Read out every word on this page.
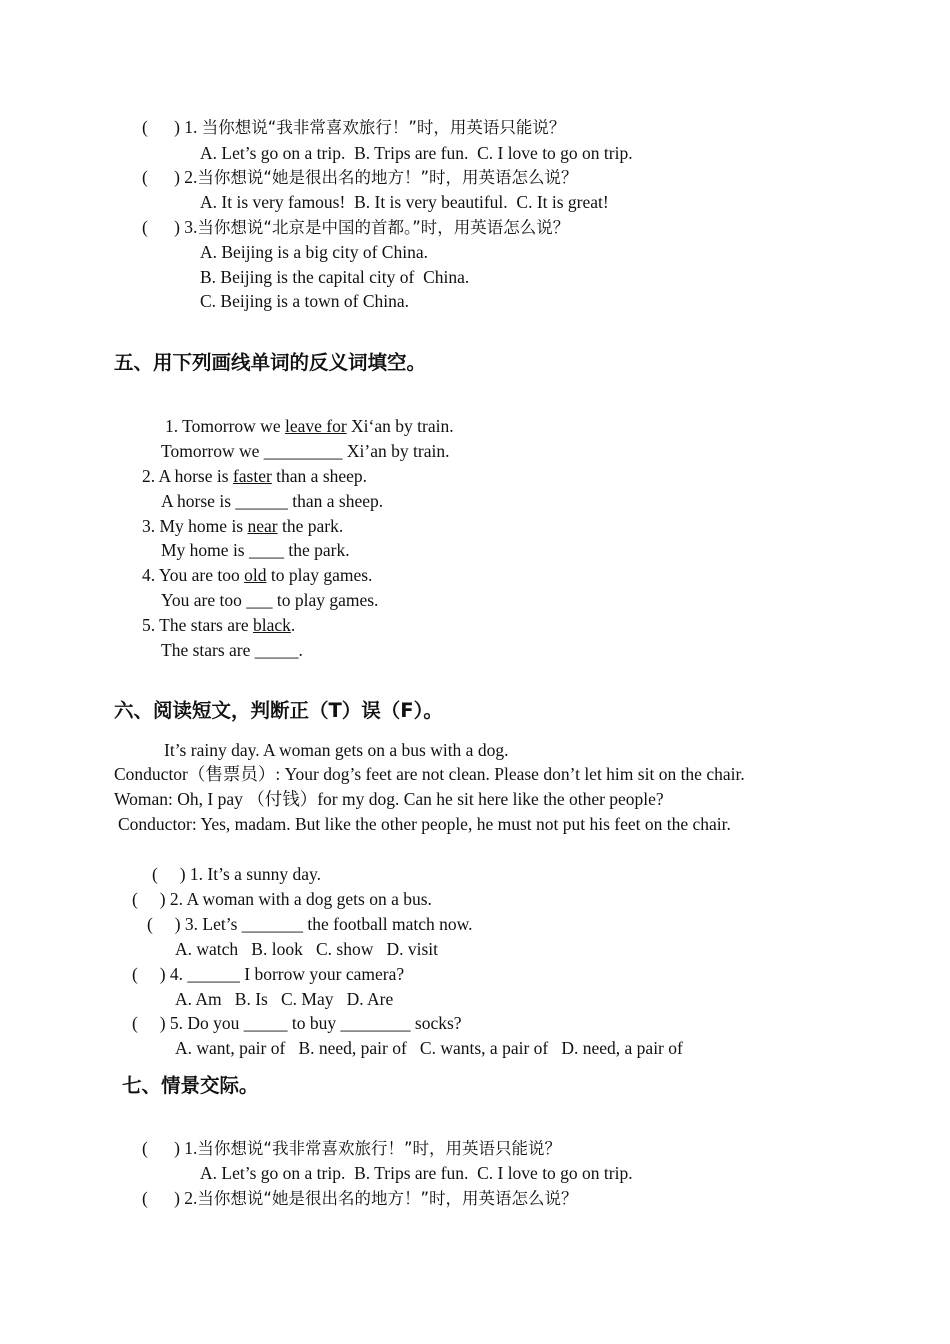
(      ) 1. 当你想说“我非常喜欢旅行！”时，用英语只能说？
A. Let’s go on a trip.  B. Trips are fun.  C. I love to go on trip.
(      ) 2.当你想说“她是很出名的地方！”时，用英语怎么说？
A. It is very famous!  B. It is very beautiful.  C. It is great!
(      ) 3.当你想说“北京是中国的首都。”时，用英语怎么说？
A. Beijing is a big city of China.
B. Beijing is the capital city of  China.
C. Beijing is a town of China.
五、用下列画线单词的反义词填空。
1. Tomorrow we leave for Xi‘an by train.
Tomorrow we _________ Xi’an by train.
2. A horse is faster than a sheep.
A horse is ______ than a sheep.
3. My home is near the park.
My home is ____ the park.
4. You are too old to play games.
You are too ___ to play games.
5. The stars are black.
The stars are _____.
六、阅读短文，判断正（T）误（F）。
It’s rainy day. A woman gets on a bus with a dog.
Conductor（售票员）: Your dog’s feet are not clean. Please don’t let him sit on the chair.
Woman: Oh, I pay （付钱）for my dog. Can he sit here like the other people?
Conductor: Yes, madam. But like the other people, he must not put his feet on the chair.
(     ) 1. It’s a sunny day.
(     ) 2. A woman with a dog gets on a bus.
(     ) 3. Let’s _______ the football match now.
A. watch   B. look   C. show   D. visit
(     ) 4. ______ I borrow your camera?
A. Am   B. Is   C. May   D. Are
(     ) 5. Do you _____ to buy ________ socks?
A. want, pair of   B. need, pair of   C. wants, a pair of   D. need, a pair of
七、情景交际。
(      ) 1.当你想说“我非常喜欢旅行！”时，用英语只能说？
A. Let’s go on a trip.  B. Trips are fun.  C. I love to go on trip.
(      ) 2.当你想说“她是很出名的地方！”时，用英语怎么说？
